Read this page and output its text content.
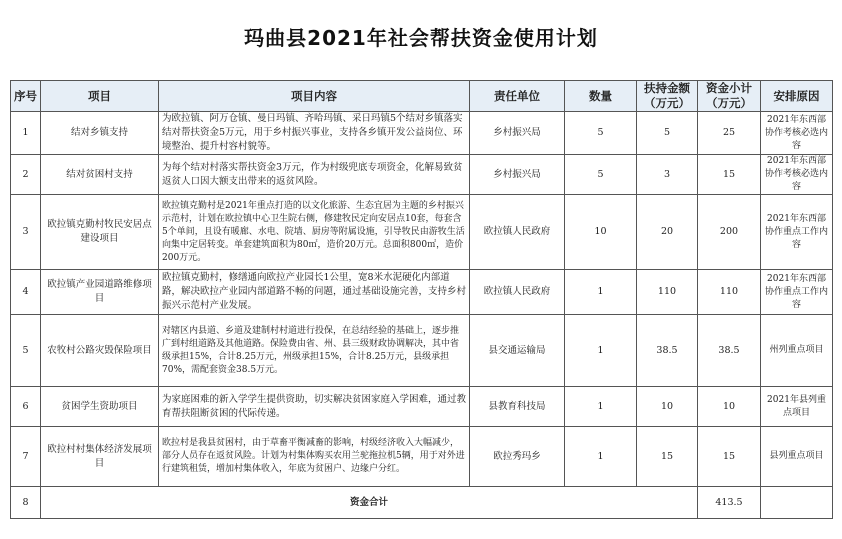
玛曲县2021年社会帮扶资金使用计划
序号	项目	项目内容	责任单位	数量	扶持金额（万元）	资金小计（万元）	安排原因
1	结对乡镇支持	为欧拉镇、阿万仓镇、曼日玛镇、齐哈玛镇、采日玛镇5个结对乡镇落实结对帮扶资金5万元，用于乡村振兴事业，支持各乡镇开发公益岗位、环境整治、提升村容村貌等。	乡村振兴局	5	5	25	2021年东西部协作考核必选内容
2	结对贫困村支持	为每个结对村落实帮扶资金3万元，作为村级兜底专项资金，化解易致贫返贫人口因大额支出带来的返贫风险。	乡村振兴局	5	3	15	2021年东西部协作考核必选内容
3	欧拉镇克勤村牧民安居点建设项目	欧拉镇克勤村是2021年重点打造的以文化旅游、生态宜居为主题的乡村振兴示范村，计划在欧拉镇中心卫生院右侧，修建牧民定向安居点10套，每套含5个单间，且设有暖廊、水电、院墙、厨房等附属设施，引导牧民由游牧生活向集中定居转变。单套建筑面积为80㎡，造价20万元。总面积800㎡，造价200万元。	欧拉镇人民政府	10	20	200	2021年东西部协作重点工作内容
4	欧拉镇产业园道路维修项目	欧拉镇克勤村，修缮通向欧拉产业园长1公里，宽8米水泥硬化内部道路，解决欧拉产业园内部道路不畅的问题，通过基础设施完善，支持乡村振兴示范村产业发展。	欧拉镇人民政府	1	110	110	2021年东西部协作重点工作内容
5	农牧村公路灾毁保险项目	对辖区内县道、乡道及建制村村道进行投保，在总结经验的基础上，逐步推广到村组道路及其他道路。保险费由省、州、县三级财政协调解决，其中省级承担15%，合计8.25万元，州级承担15%，合计8.25万元，县级承担70%，需配套资金38.5万元。	县交通运输局	1	38.5	38.5	州列重点项目
6	贫困学生资助项目	为家庭困难的新入学学生提供资助，切实解决贫困家庭入学困难，通过教育帮扶阻断贫困的代际传递。	县教育科技局	1	10	10	2021年县列重点项目
7	欧拉村村集体经济发展项目	欧拉村是我县贫困村，由于草畜平衡减畜的影响，村级经济收入大幅减少，部分人员存在返贫风险。计划为村集体购买农用兰驼拖拉机5辆，用于对外进行建筑租赁，增加村集体收入，年底为贫困户、边缘户分红。	欧拉秀玛乡	1	15	15	县列重点项目
8	资金合计					413.5	
